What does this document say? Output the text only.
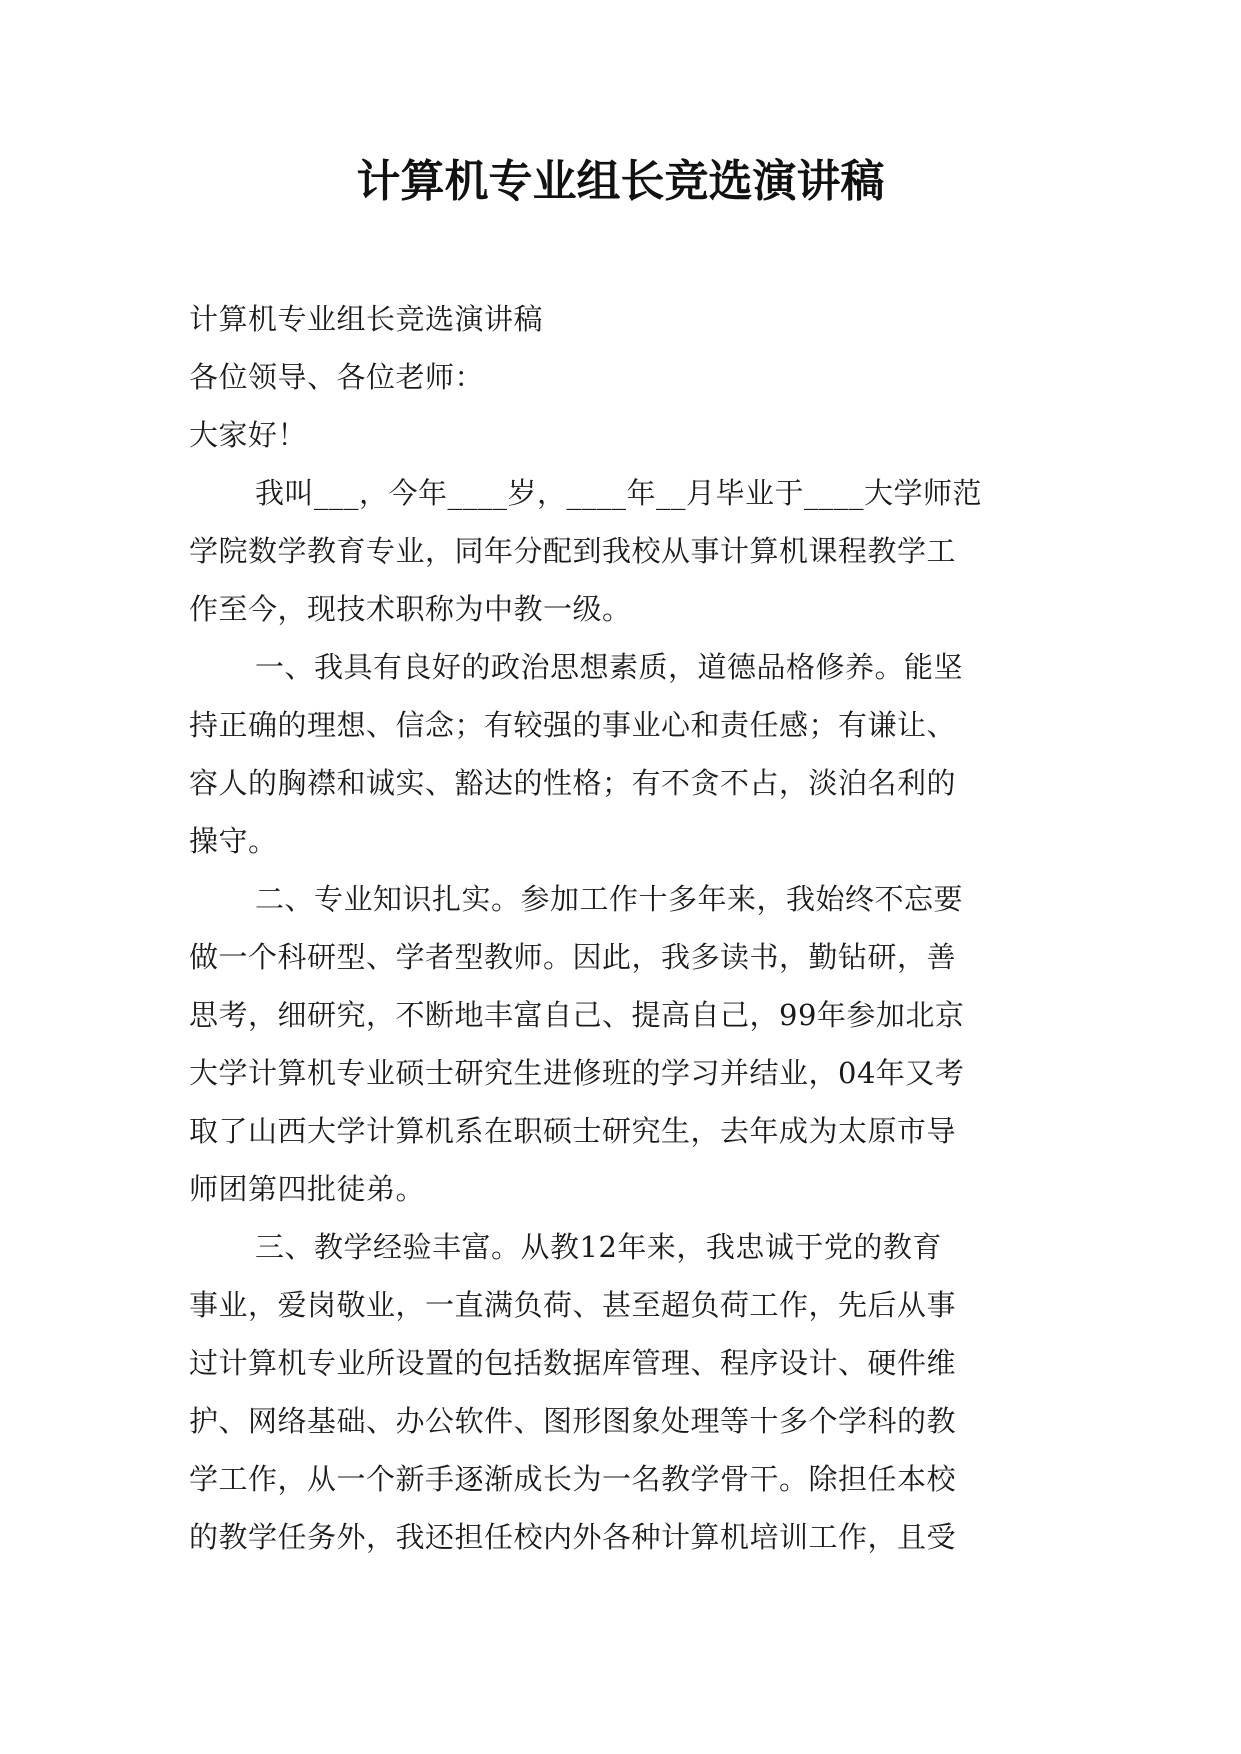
计算机专业组长竞选演讲稿

计算机专业组长竞选演讲稿

各位领导、各位老师：

大家好！

我叫___，今年____岁，____年__月毕业于____大学师范

学院数学教育专业，同年分配到我校从事计算机课程教学工

作至今，现技术职称为中教一级。

一、我具有良好的政治思想素质，道德品格修养。能坚

持正确的理想、信念；有较强的事业心和责任感；有谦让、

容人的胸襟和诚实、豁达的性格；有不贪不占，淡泊名利的

操守。

二、专业知识扎实。参加工作十多年来，我始终不忘要

做一个科研型、学者型教师。因此，我多读书，勤钻研，善

思考，细研究，不断地丰富自己、提高自己，99年参加北京

大学计算机专业硕士研究生进修班的学习并结业，04年又考

取了山西大学计算机系在职硕士研究生，去年成为太原市导

师团第四批徒弟。

三、教学经验丰富。从教12年来，我忠诚于党的教育

事业，爱岗敬业，一直满负荷、甚至超负荷工作，先后从事

过计算机专业所设置的包括数据库管理、程序设计、硬件维

护、网络基础、办公软件、图形图象处理等十多个学科的教

学工作，从一个新手逐渐成长为一名教学骨干。除担任本校

的教学任务外，我还担任校内外各种计算机培训工作，且受
